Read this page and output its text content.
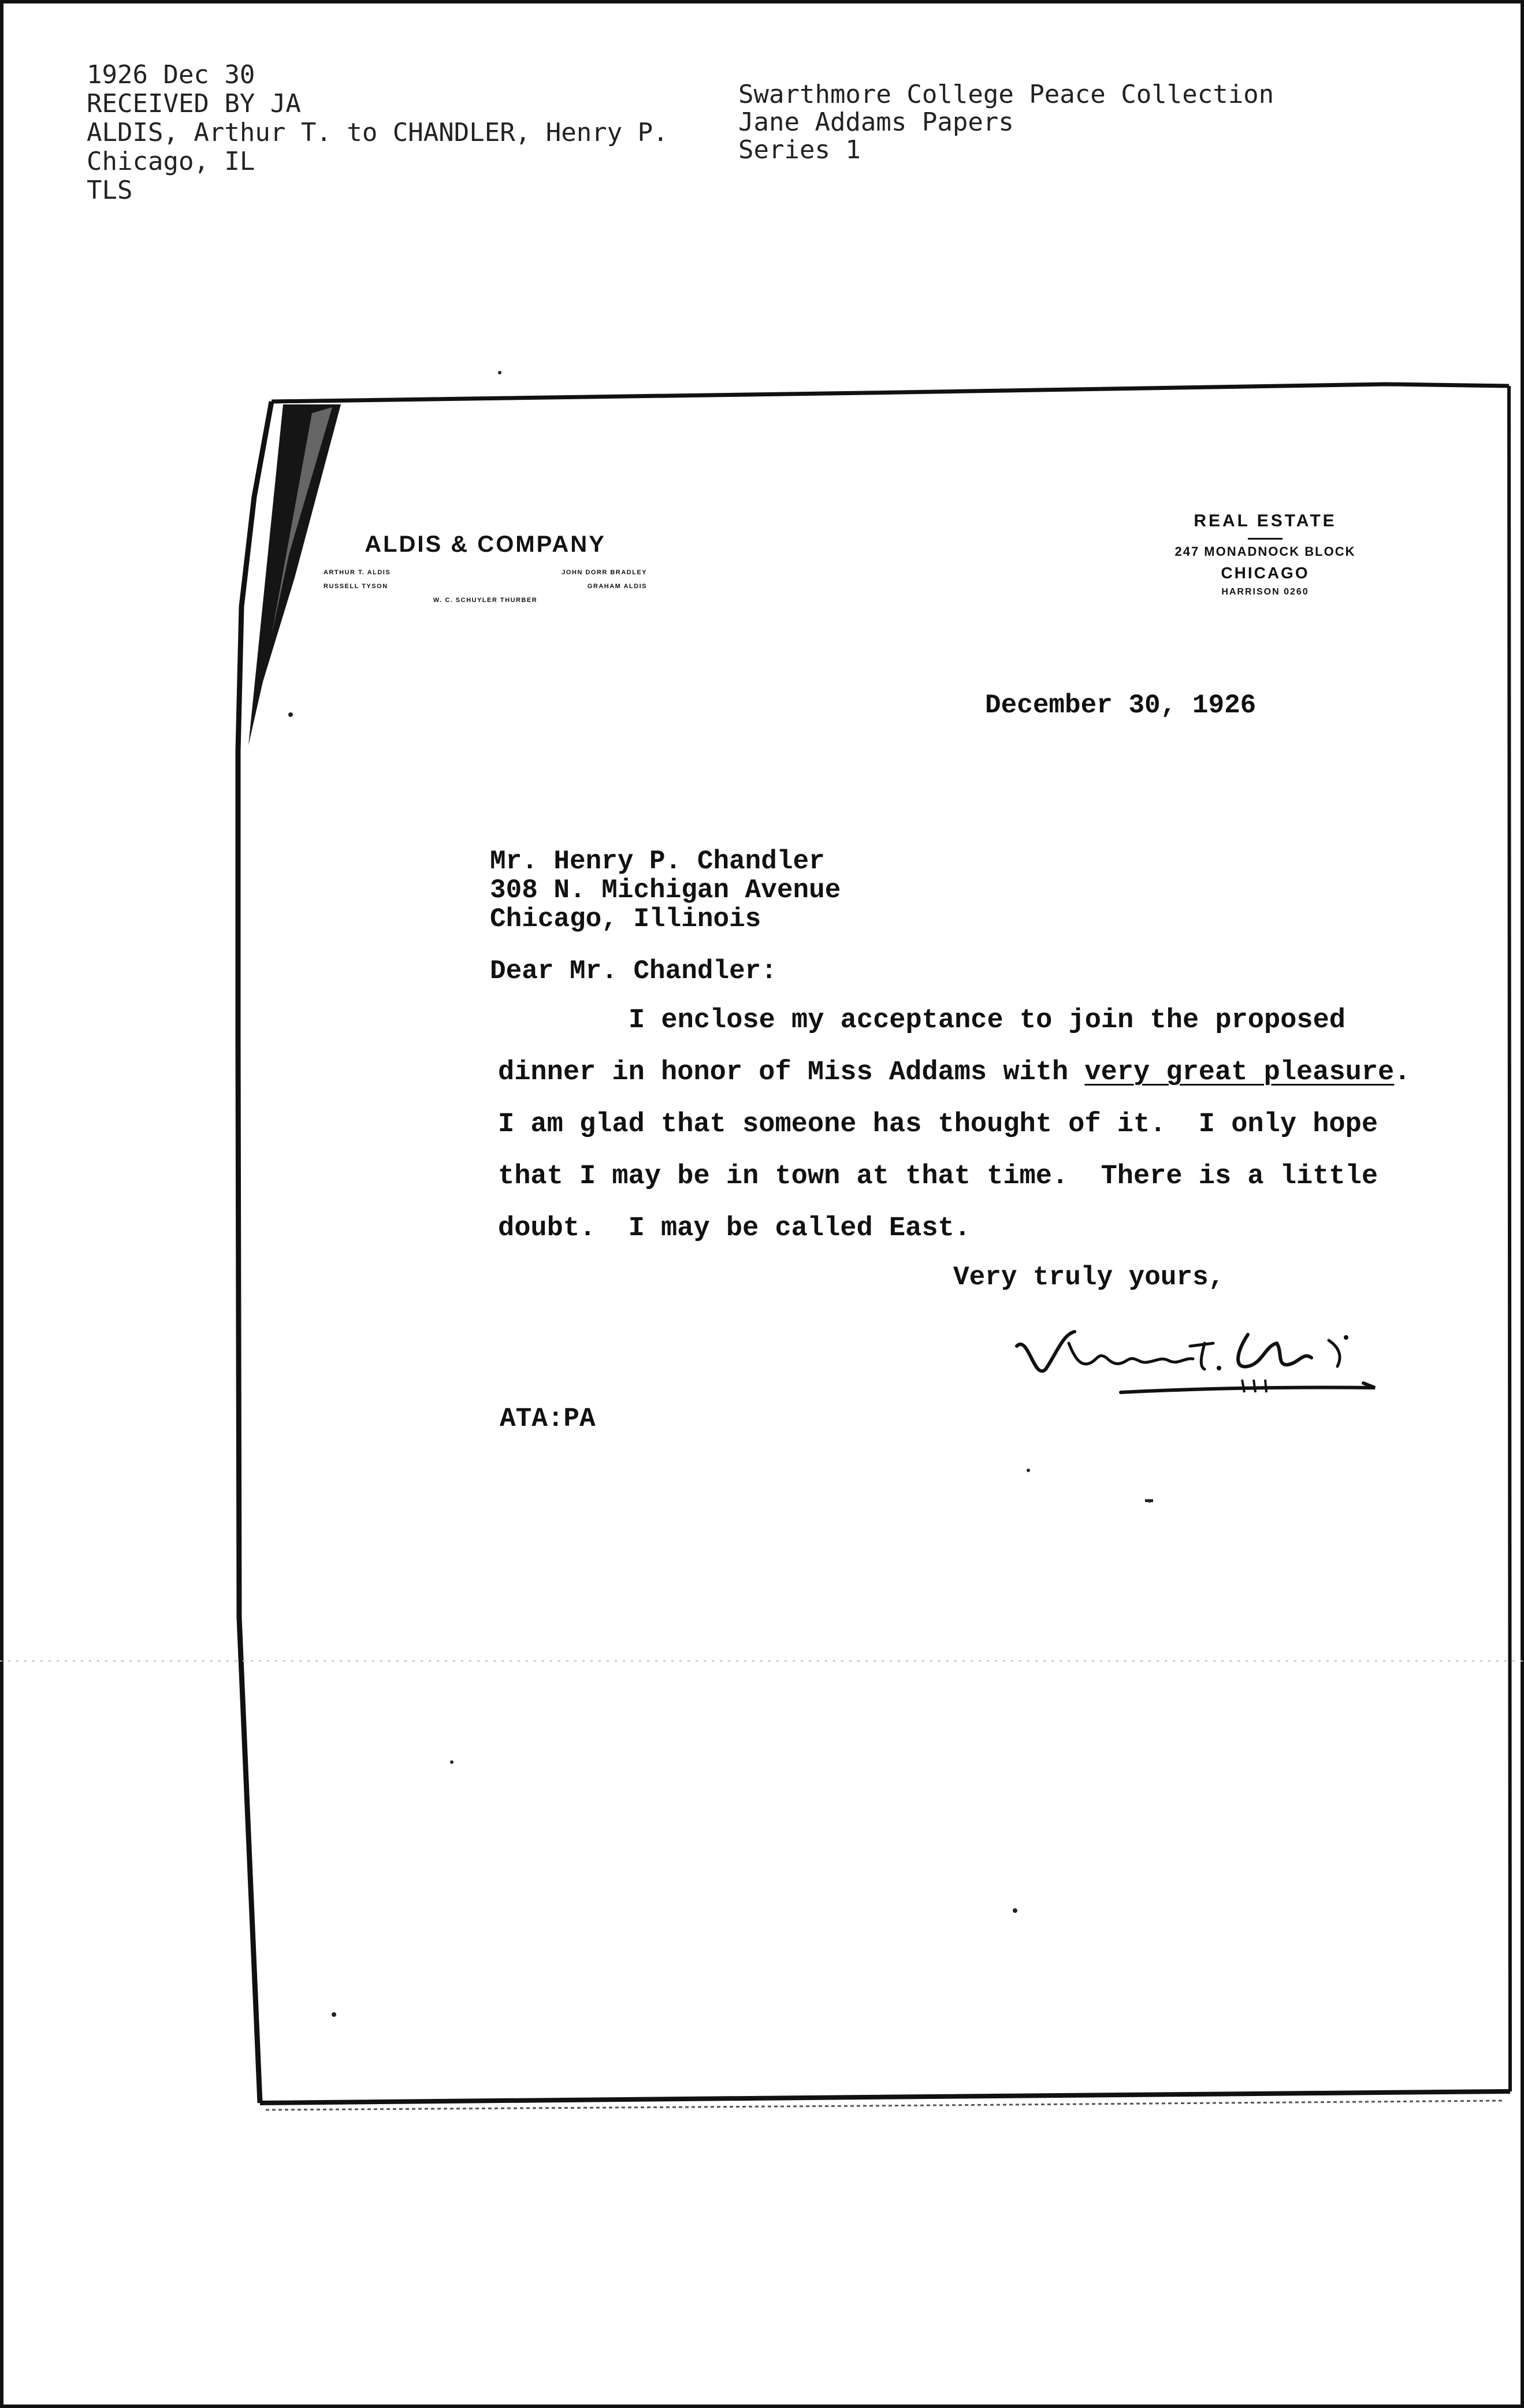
1926 Dec 30
RECEIVED BY JA
ALDIS, Arthur T. to CHANDLER, Henry P.
Chicago, IL
TLS
Swarthmore College Peace Collection
Jane Addams Papers
Series 1
ALDIS & COMPANY
ARTHUR T. ALDIS	JOHN DORR BRADLEY
RUSSELL TYSON	GRAHAM ALDIS
W. C. SCHUYLER THURBER
REAL ESTATE
247 MONADNOCK BLOCK
CHICAGO
HARRISON 0260
December 30, 1926
Mr. Henry P. Chandler
308 N. Michigan Avenue
Chicago, Illinois
Dear Mr. Chandler:
I enclose my acceptance to join the proposed
dinner in honor of Miss Addams with very great pleasure.
I am glad that someone has thought of it.  I only hope
that I may be in town at that time.  There is a little
doubt.  I may be called East.
Very truly yours,
ATA:PA
